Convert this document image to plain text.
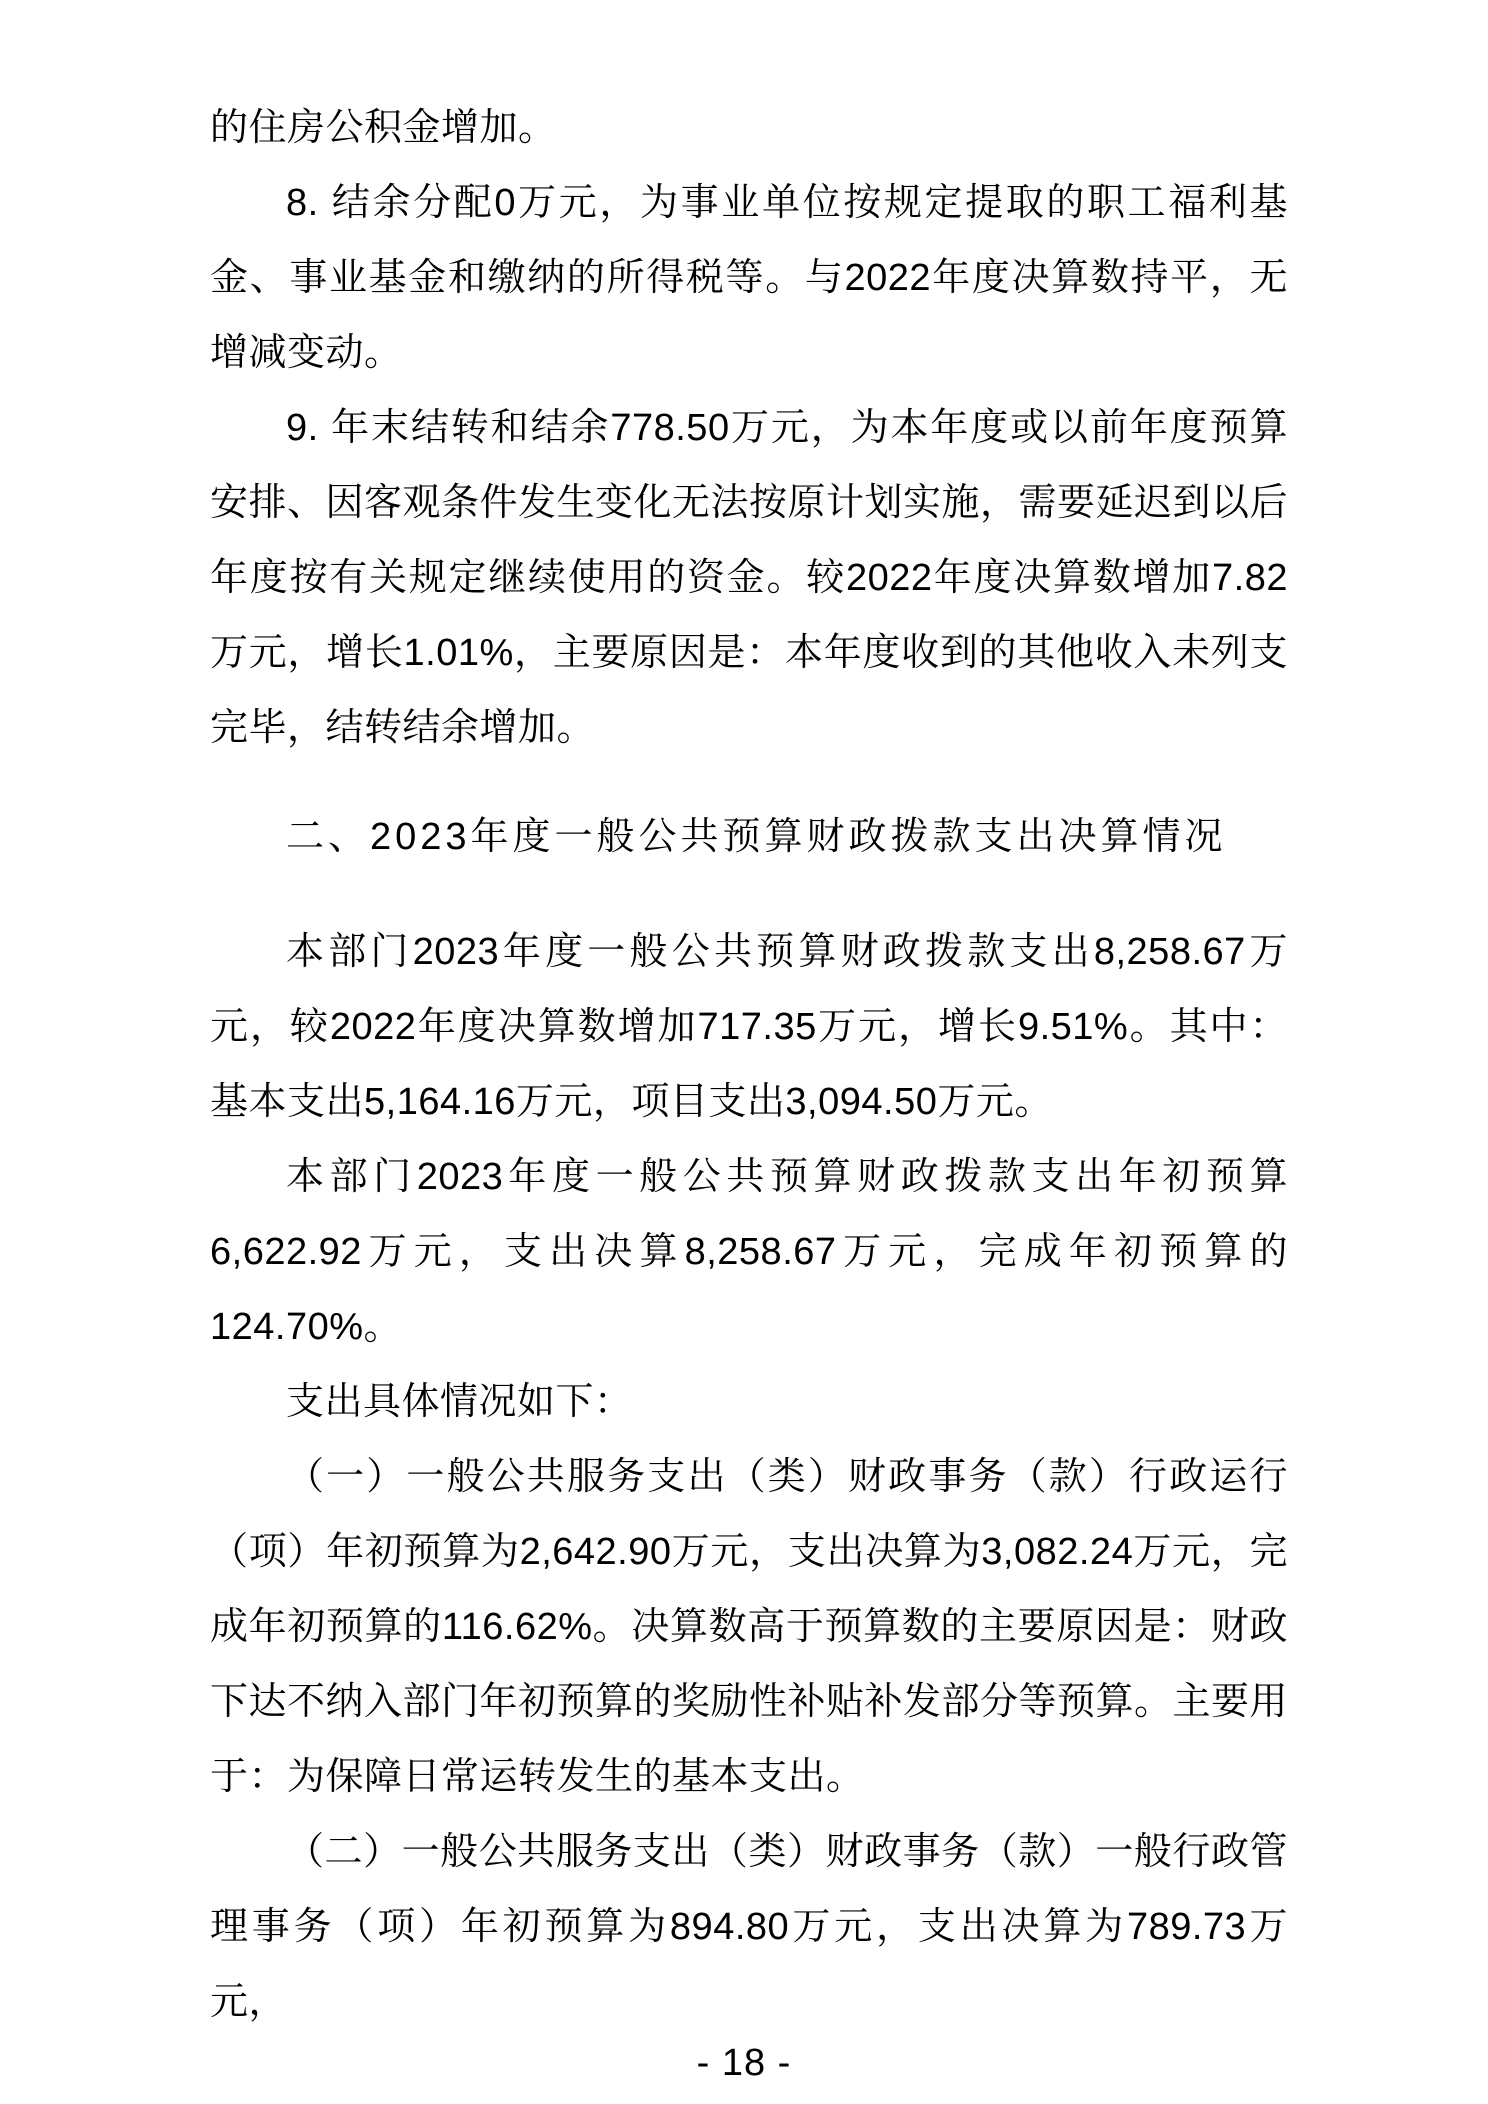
的住房公积金增加。

8. 结余分配0万元，为事业单位按规定提取的职工福利基金、事业基金和缴纳的所得税等。与2022年度决算数持平，无增减变动。

9. 年末结转和结余778.50万元，为本年度或以前年度预算安排、因客观条件发生变化无法按原计划实施，需要延迟到以后年度按有关规定继续使用的资金。较2022年度决算数增加7.82万元，增长1.01%，主要原因是：本年度收到的其他收入未列支完毕，结转结余增加。

二、2023年度一般公共预算财政拨款支出决算情况

本部门2023年度一般公共预算财政拨款支出8,258.67万元，较2022年度决算数增加717.35万元，增长9.51%。其中：基本支出5,164.16万元，项目支出3,094.50万元。

本部门2023年度一般公共预算财政拨款支出年初预算6,622.92万元，支出决算8,258.67万元，完成年初预算的124.70%。

支出具体情况如下：

（一）一般公共服务支出（类）财政事务（款）行政运行（项）年初预算为2,642.90万元，支出决算为3,082.24万元，完成年初预算的116.62%。决算数高于预算数的主要原因是：财政下达不纳入部门年初预算的奖励性补贴补发部分等预算。主要用于：为保障日常运转发生的基本支出。

（二）一般公共服务支出（类）财政事务（款）一般行政管理事务（项）年初预算为894.80万元，支出决算为789.73万元，

- 18 -
